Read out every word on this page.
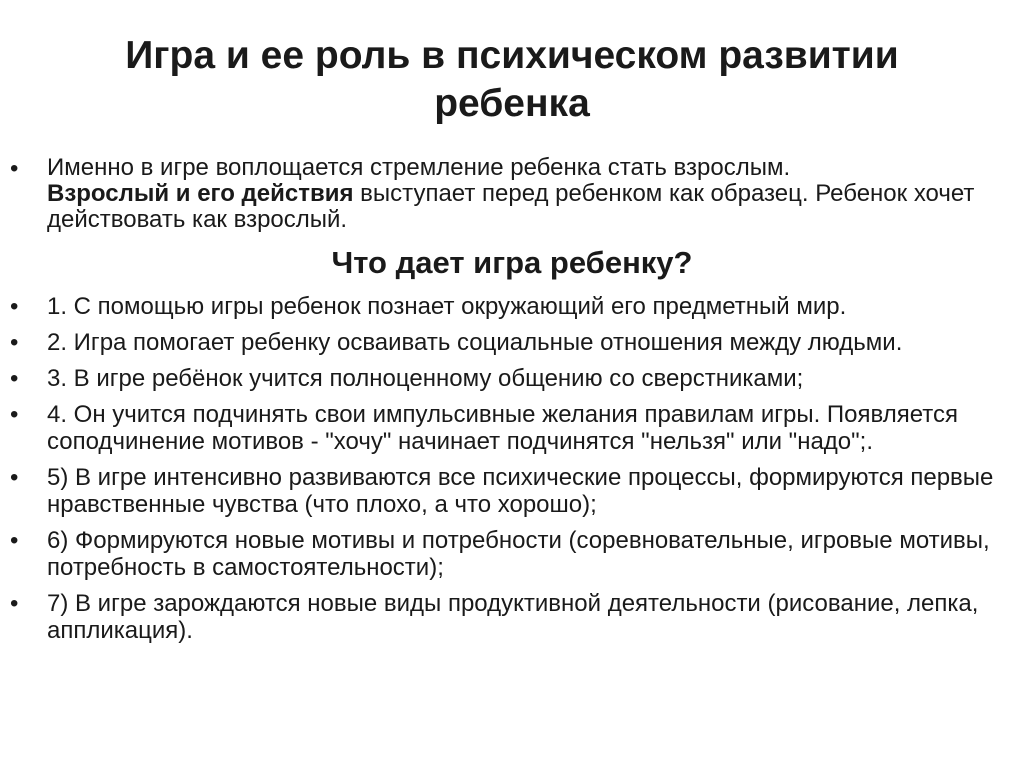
Игра и ее роль в психическом развитии
ребенка
• Именно в игре воплощается стремление ребенка стать взрослым.
Взрослый и его действия выступает перед ребенком как образец. Ребенок хочет действовать как взрослый.
Что дает игра ребенку?
• 1. С помощью игры ребенок познает окружающий его предметный мир.
• 2. Игра помогает ребенку осваивать социальные отношения между людьми.
• 3. В игре ребёнок учится полноценному общению со сверстниками;
• 4. Он учится подчинять свои импульсивные желания правилам игры. Появляется соподчинение мотивов - "хочу" начинает подчинятся "нельзя" или "надо";.
• 5) В игре интенсивно развиваются все психические процессы, формируются первые нравственные чувства (что плохо, а что хорошо);
• 6) Формируются новые мотивы и потребности (соревновательные, игровые мотивы, потребность в самостоятельности);
• 7) В игре зарождаются новые виды продуктивной деятельности (рисование, лепка, аппликация).
